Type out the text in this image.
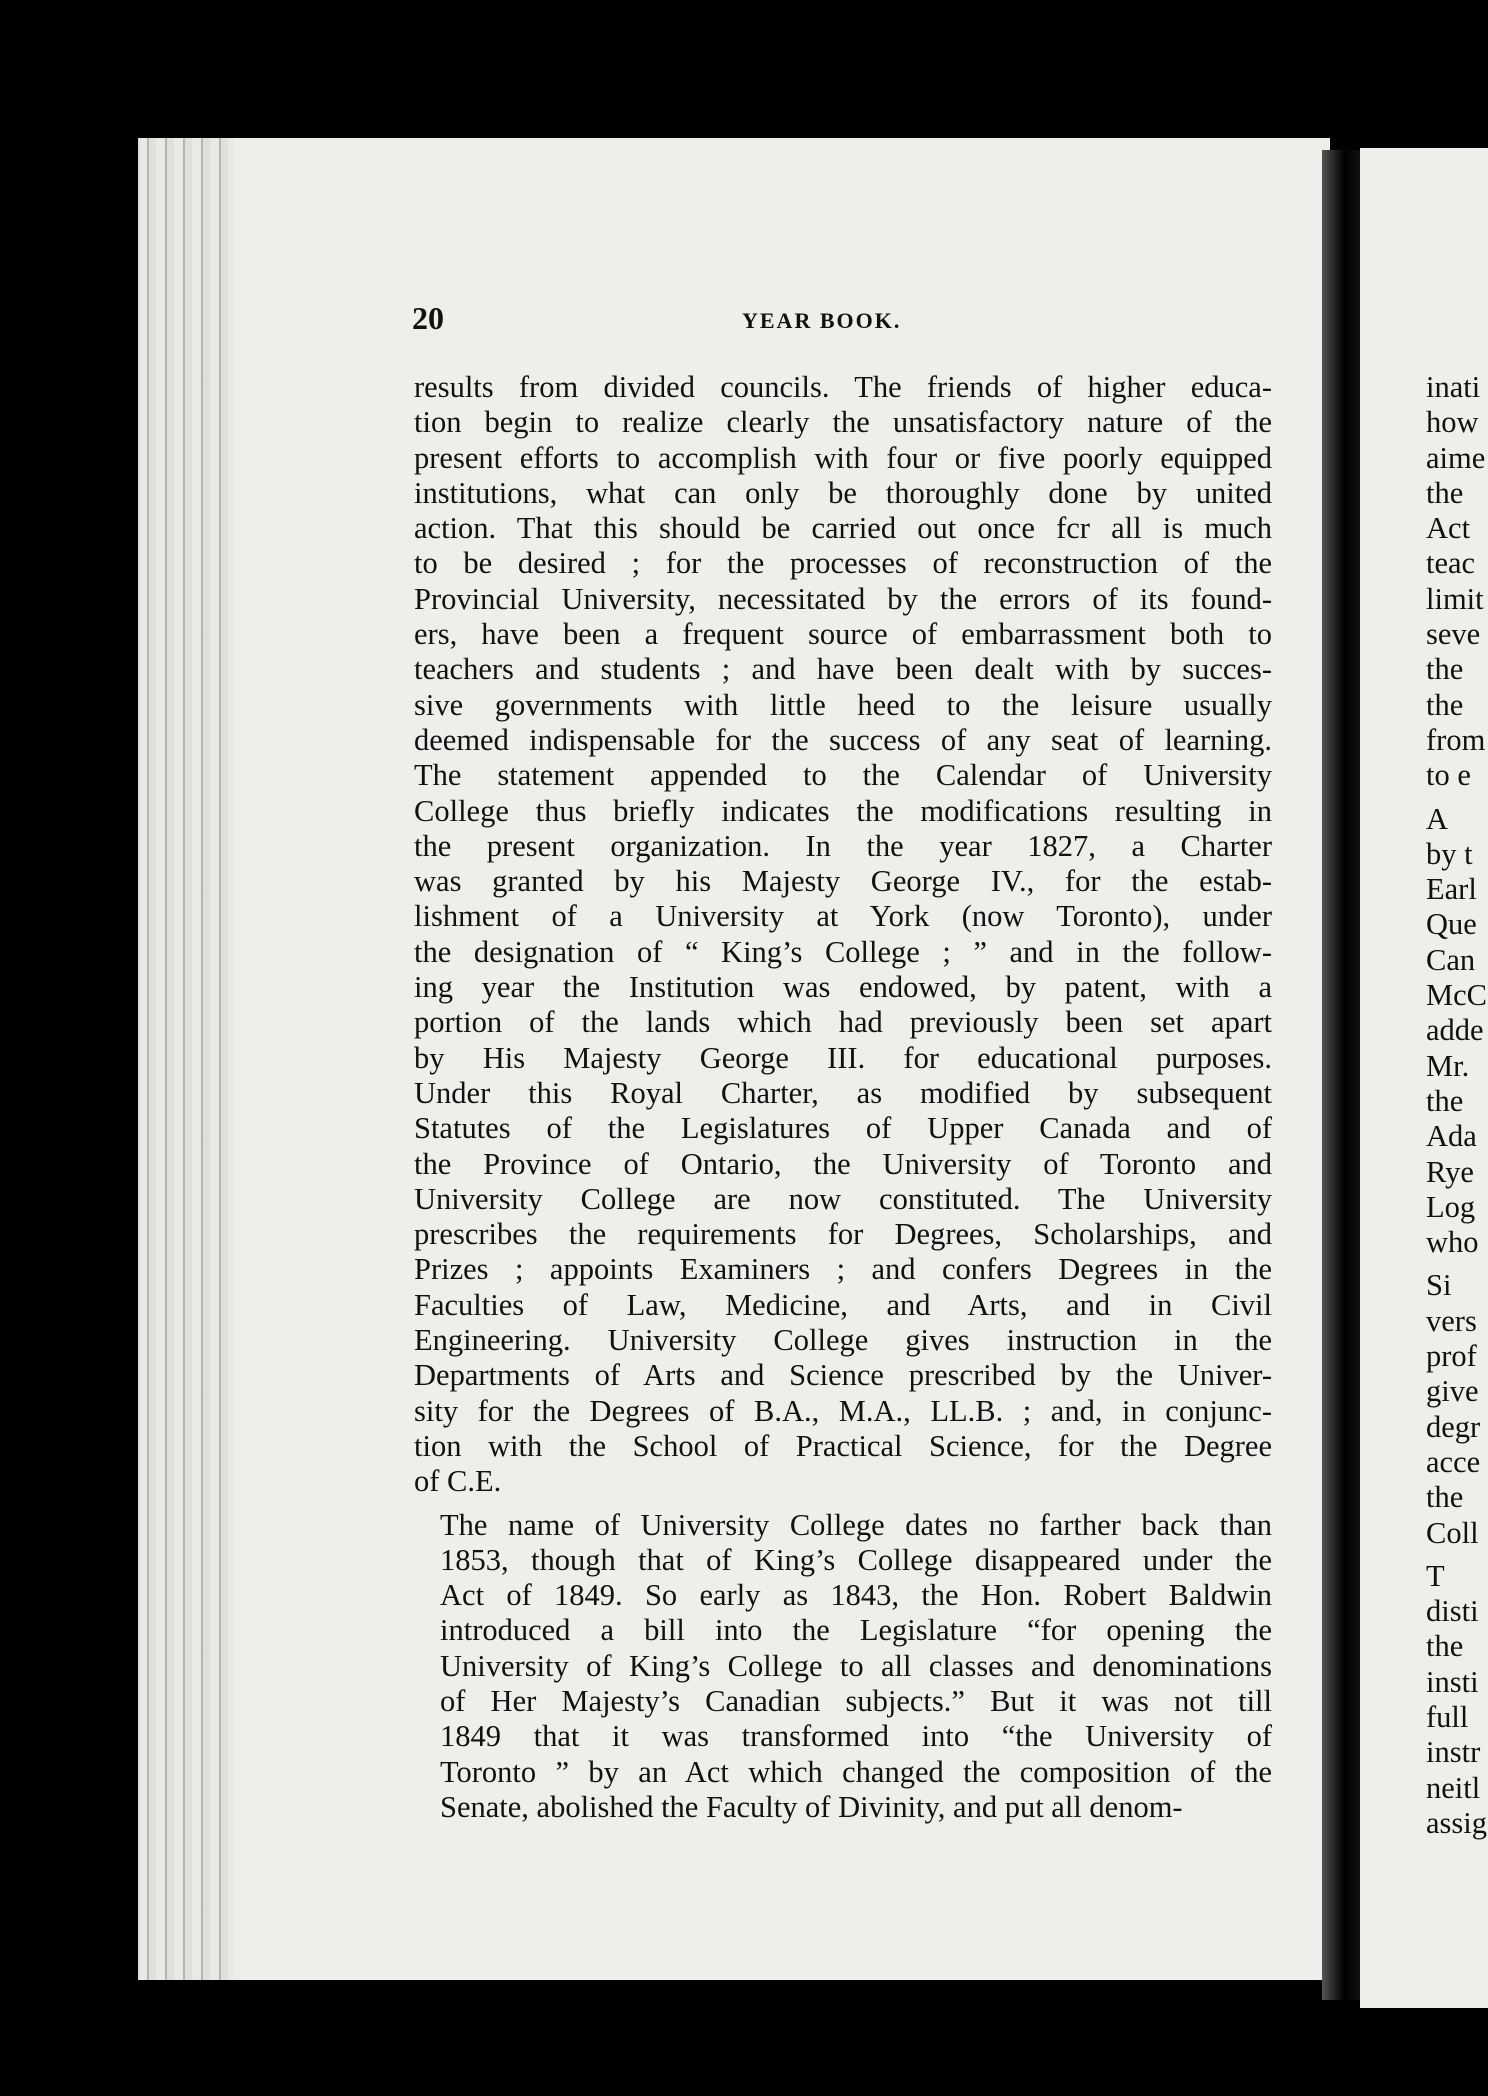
20	YEAR BOOK.

results from divided councils. The friends of higher educa-
tion begin to realize clearly the unsatisfactory nature of the
present efforts to accomplish with four or five poorly equipped
institutions, what can only be thoroughly done by united
action. That this should be carried out once fcr all is much
to be desired ; for the processes of reconstruction of the
Provincial University, necessitated by the errors of its found-
ers, have been a frequent source of embarrassment both to
teachers and students ; and have been dealt with by succes-
sive governments with little heed to the leisure usually
deemed indispensable for the success of any seat of learning.
The statement appended to the Calendar of University
College thus briefly indicates the modifications resulting in
the present organization. In the year 1827, a Charter
was granted by his Majesty George IV., for the estab-
lishment of a University at York (now Toronto), under
the designation of “ King’s College ; ” and in the follow-
ing year the Institution was endowed, by patent, with a
portion of the lands which had previously been set apart
by His Majesty George III. for educational purposes.
Under this Royal Charter, as modified by subsequent
Statutes of the Legislatures of Upper Canada and of
the Province of Ontario, the University of Toronto and
University College are now constituted. The University
prescribes the requirements for Degrees, Scholarships, and
Prizes ; appoints Examiners ; and confers Degrees in the
Faculties of Law, Medicine, and Arts, and in Civil
Engineering. University College gives instruction in the
Departments of Arts and Science prescribed by the Univer-
sity for the Degrees of B.A., M.A., LL.B. ; and, in conjunc-
tion with the School of Practical Science, for the Degree
of C.E.

The name of University College dates no farther back than
1853, though that of King’s College disappeared under the
Act of 1849. So early as 1843, the Hon. Robert Baldwin
introduced a bill into the Legislature “for opening the
University of King’s College to all classes and denominations
of Her Majesty’s Canadian subjects.” But it was not till
1849 that it was transformed into “the University of
Toronto ” by an Act which changed the composition of the
Senate, abolished the Faculty of Divinity, and put all denom-

inati
how
aime
the
Act
teac
limit
seve
the
the
from
to e
A
by t
Earl
Que
Can
McC
adde
Mr.
the
Ada
Rye
Log
who
Si
vers
prof
give
degr
acce
the
Coll
T
disti
the
insti
full
instr
neitl
assig
